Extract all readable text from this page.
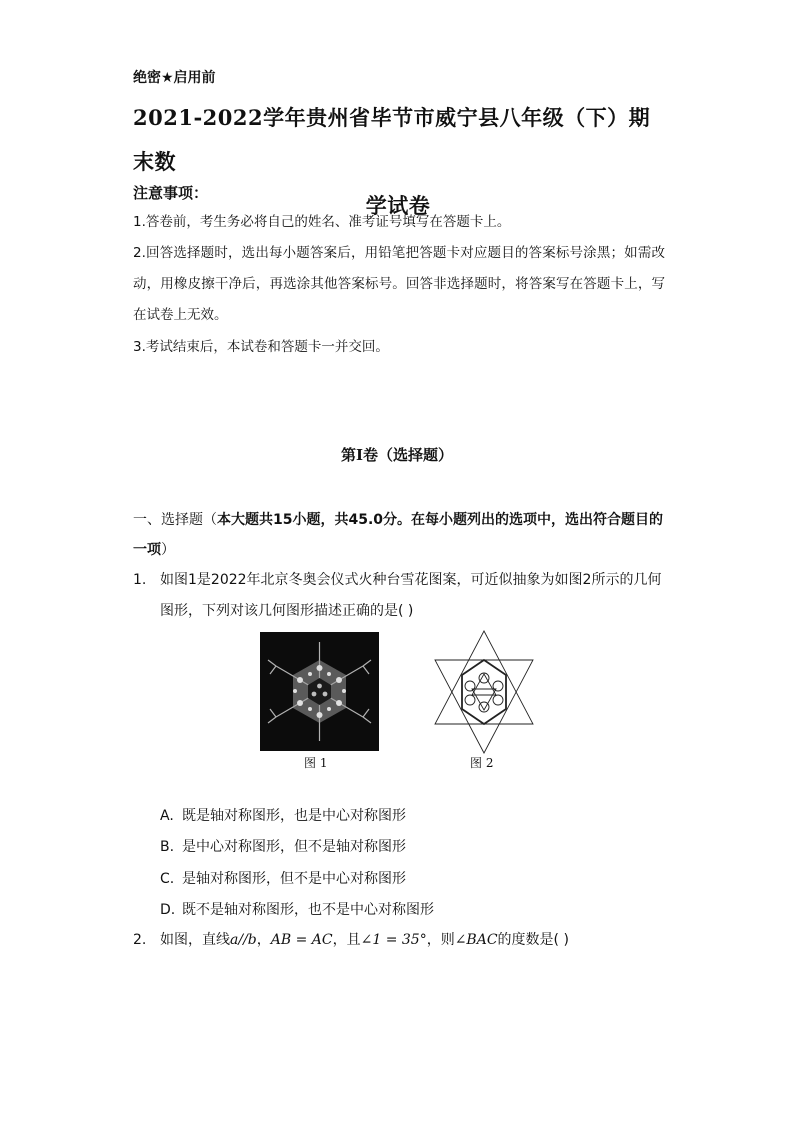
绝密★启用前
2021-2022学年贵州省毕节市威宁县八年级（下）期末数
学试卷
注意事项：
1.答卷前，考生务必将自己的姓名、准考证号填写在答题卡上。
2.回答选择题时，选出每小题答案后，用铅笔把答题卡对应题目的答案标号涂黑；如需改动，用橡皮擦干净后，再选涂其他答案标号。回答非选择题时，将答案写在答题卡上，写在试卷上无效。
3.考试结束后，本试卷和答题卡一并交回。
第I卷（选择题）
一、选择题（本大题共15小题，共45.0分。在每小题列出的选项中，选出符合题目的一项）
1. 如图1是2022年北京冬奥会仪式火种台雪花图案，可近似抽象为如图2所示的几何图形，下列对该几何图形描述正确的是( )
图 1	图 2
A. 既是轴对称图形，也是中心对称图形
B. 是中心对称图形，但不是轴对称图形
C. 是轴对称图形，但不是中心对称图形
D. 既不是轴对称图形，也不是中心对称图形
2. 如图，直线a//b，AB = AC，且∠1 = 35°，则∠BAC的度数是( )
